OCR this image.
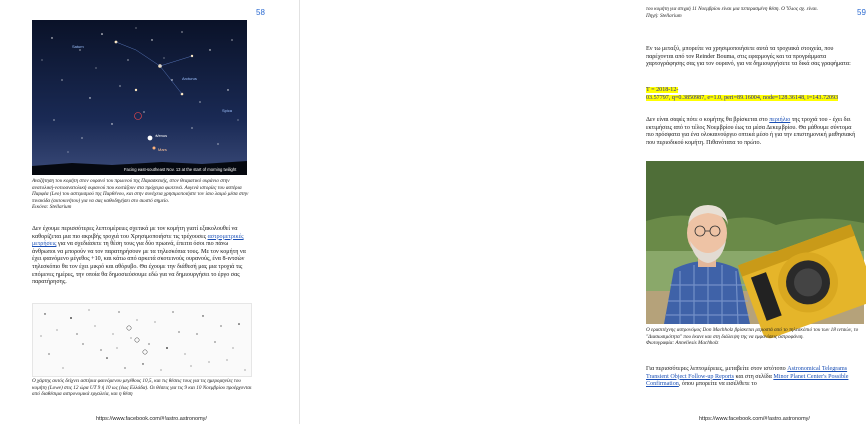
58
Arcturus
Spica
Saturn
Venus
Mars
Facing east-southeast Nov. 13 at the start of morning twilight

Αναζήτηση του κομήτη στον ουρανό του πρωινού της Παρασκευής, στον θεαματικό ουράνιο στην ανατολική-νοτιοανατολική ουρανού που κοιτάζουν στα πρόχειρα φωτεινά. Αυγινά ιστορίες του αστέρια Παρφέα (Leo) του αστερισμού της Παρθένου, και στην συνέχεια χρησιμοποιήστε τον ίσιο λαιμό μέσα στην πινακίδα (αυτοκινήτου) για να σας καθοδηγήσει στο σωστό σημείο.

Εικόνα: Stellarium

Δεν έχουμε περισσότερες λεπτομέρειες σχετικά με τον κομήτη γιατί εξακολουθεί να καθορίζεται μια πιο ακριβής τροχιά του Χρησιμοποιήστε τις τρέχουσες αστρομετρικές μετρήσεις για να σχεδιάσετε τη θέση τους για δύο πρωινά, έπειτα όσοι πιο πάνω άνθρωποι να μπορούν να τον παρατηρήσουν με τα τηλεσκόπια τους. Με τον κομήτη να έχει φαινόμενο μέγεθος +10, και κάτω από αρκετά σκοτεινούς ουρανούς, ένα 8-ιντσών τηλεσκόπιο θα τον έχει μικρό και αθόρυβο. Θα έχουμε την διάθεσή μας μια τροχιά τις επόμενες ημέρες, την οποία θα δημοσιεύσουμε εδώ για να δημιουργήσει το έργο σας παρατήρησης.
Ο χάρτης αυτός δείχνει αστέρια φαινόμενου μεγέθους 10,5, και τις θέσεις τους για τις ημερομηνίες του κομήτη (Lowe) στις 12 ώρα UT 9 ή 10 ως (έως Ελλάδα). Οι θέσεις για τις 9 και 10 Νοεμβρίου προέρχονται από διαθέσιμα αστρονομικά εργαλεία, και η θέση
https://www.facebook.com/#!astro.astronomy/
59

του κομήτη για στιγμή 11 Νοεμβρίου είναι μια πεπερασμένη θέση. Ο Ύλιος σχ. είναι.

Πηγή: Stellarium

Εν τω μεταξύ, μπορείτε να χρησιμοποιήσετε αυτά τα τροχιακά στοιχεία, που παρέχονται από τον Reinder Bouma, στις εφαρμογές και τα προγράμματα χαρτογράφησης σας για τον ουρανό, για να δημιουργήσετε τα δικά σας γραφήματα:

T = 2018-12-

03.57797, q=0.3850987, e=1.0, peri=89.16004, node=128.36148, i=143.72093

Δεν είναι σαφές πότε ο κομήτης θα βρίσκεται στο περιήλιο της τροχιά του - έχει δει εκτιμήσεις από το τέλος Νοεμβρίου έως τα μέσα Δεκεμβρίου. Θα μάθουμε σύντομα πιο πρόσφατα για ένα ολοκαινούργιο οπτικά μέσο ή για την επιστημονική μαθησιακή που περιοδικού κομήτη. Πιθανότατα το πρώτο.

Ο ερασιτέχνης αστρονόμος Don Machholz βρίσκεται μπροστά από το τηλεσκόπιό του των 18 ιντσών, το "Διασωσιμότητα" που έκανε και στη διάλειψη της να εμφανίσεις αστροφάνιη.

Φωτογραφία: Anneliesis Machholz

Για περισσότερες λεπτομέρειες, μεταβείτε στον ιστότοπο Astronomical Telegrams Transient Object Follow-up Reports και στη σελίδα Minor Planet Center's Possible Confirmation, όπου μπορείτε να εισέλθετε το
https://www.facebook.com/#!astro.astronomy/
